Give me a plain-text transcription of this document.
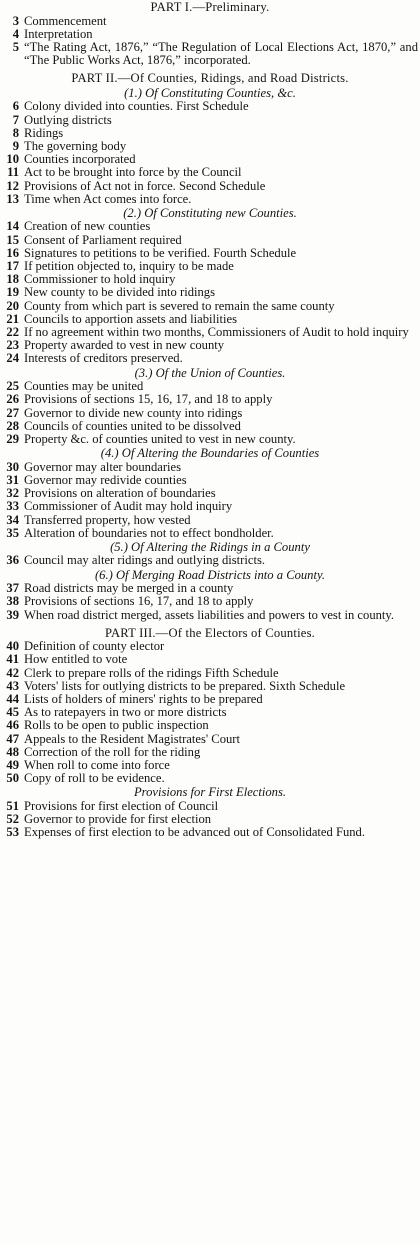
PART I.—Preliminary.
3 Commencement
4 Interpretation
5 “The Rating Act, 1876,” “The Regulation of Local Elections Act, 1870,” and “The Public Works Act, 1876,” incorporated.
PART II.—Of Counties, Ridings, and Road Districts.
(1.) Of Constituting Counties, &c.
6 Colony divided into counties. First Schedule
7 Outlying districts
8 Ridings
9 The governing body
10 Counties incorporated
11 Act to be brought into force by the Council
12 Provisions of Act not in force. Second Schedule
13 Time when Act comes into force.
(2.) Of Constituting new Counties.
14 Creation of new counties
15 Consent of Parliament required
16 Signatures to petitions to be verified. Fourth Schedule
17 If petition objected to, inquiry to be made
18 Commissioner to hold inquiry
19 New county to be divided into ridings
20 County from which part is severed to remain the same county
21 Councils to apportion assets and liabilities
22 If no agreement within two months, Commissioners of Audit to hold inquiry
23 Property awarded to vest in new county
24 Interests of creditors preserved.
(3.) Of the Union of Counties.
25 Counties may be united
26 Provisions of sections 15, 16, 17, and 18 to apply
27 Governor to divide new county into ridings
28 Councils of counties united to be dissolved
29 Property &c. of counties united to vest in new county.
(4.) Of Altering the Boundaries of Counties
30 Governor may alter boundaries
31 Governor may redivide counties
32 Provisions on alteration of boundaries
33 Commissioner of Audit may hold inquiry
34 Transferred property, how vested
35 Alteration of boundaries not to effect bondholder.
(5.) Of Altering the Ridings in a County
36 Council may alter ridings and outlying districts.
(6.) Of Merging Road Districts into a County.
37 Road districts may be merged in a county
38 Provisions of sections 16, 17, and 18 to apply
39 When road district merged, assets liabilities and powers to vest in county.
PART III.—Of the Electors of Counties.
40 Definition of county elector
41 How entitled to vote
42 Clerk to prepare rolls of the ridings Fifth Schedule
43 Voters' lists for outlying districts to be prepared. Sixth Schedule
44 Lists of holders of miners' rights to be prepared
45 As to ratepayers in two or more districts
46 Rolls to be open to public inspection
47 Appeals to the Resident Magistrates' Court
48 Correction of the roll for the riding
49 When roll to come into force
50 Copy of roll to be evidence.
Provisions for First Elections.
51 Provisions for first election of Council
52 Governor to provide for first election
53 Expenses of first election to be advanced out of Consolidated Fund.
